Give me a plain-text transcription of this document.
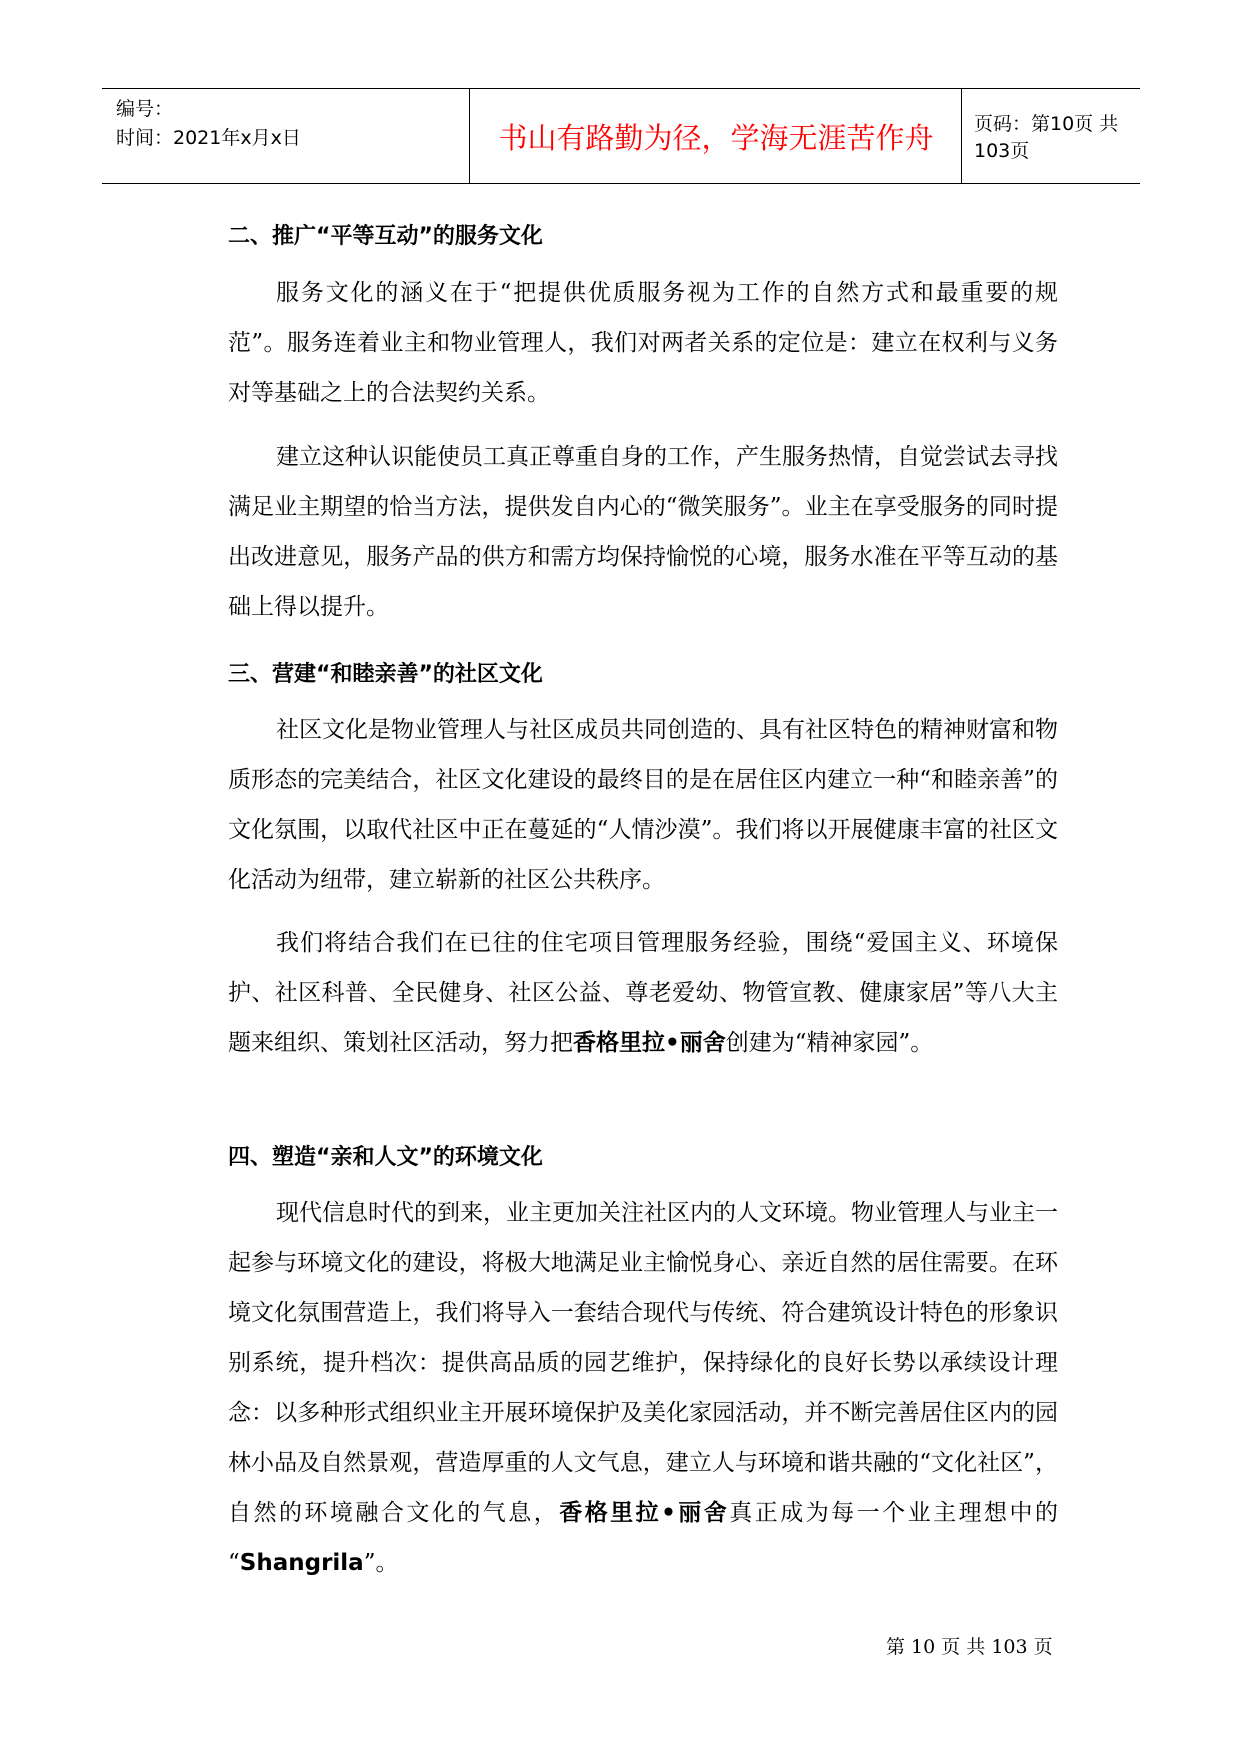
编号：
时间：2021年x月x日	书山有路勤为径，学海无涯苦作舟	页码：第10页 共103页
二、推广“平等互动”的服务文化
服务文化的涵义在于“把提供优质服务视为工作的自然方式和最重要的规范”。服务连着业主和物业管理人，我们对两者关系的定位是：建立在权利与义务对等基础之上的合法契约关系。
建立这种认识能使员工真正尊重自身的工作，产生服务热情，自觉尝试去寻找满足业主期望的恰当方法，提供发自内心的“微笑服务”。业主在享受服务的同时提出改进意见，服务产品的供方和需方均保持愉悦的心境，服务水准在平等互动的基础上得以提升。
三、营建“和睦亲善”的社区文化
社区文化是物业管理人与社区成员共同创造的、具有社区特色的精神财富和物质形态的完美结合，社区文化建设的最终目的是在居住区内建立一种“和睦亲善”的文化氛围，以取代社区中正在蔓延的“人情沙漠”。我们将以开展健康丰富的社区文化活动为纽带，建立崭新的社区公共秩序。
我们将结合我们在已往的住宅项目管理服务经验，围绕“爱国主义、环境保护、社区科普、全民健身、社区公益、尊老爱幼、物管宣教、健康家居”等八大主题来组织、策划社区活动，努力把香格里拉•丽舍创建为“精神家园”。
四、塑造“亲和人文”的环境文化
现代信息时代的到来，业主更加关注社区内的人文环境。物业管理人与业主一起参与环境文化的建设，将极大地满足业主愉悦身心、亲近自然的居住需要。在环境文化氛围营造上，我们将导入一套结合现代与传统、符合建筑设计特色的形象识别系统，提升档次：提供高品质的园艺维护，保持绿化的良好长势以承续设计理念：以多种形式组织业主开展环境保护及美化家园活动，并不断完善居住区内的园林小品及自然景观，营造厚重的人文气息，建立人与环境和谐共融的“文化社区”，自然的环境融合文化的气息，香格里拉•丽舍真正成为每一个业主理想中的 “Shangrila”。
第 10 页 共 103 页
